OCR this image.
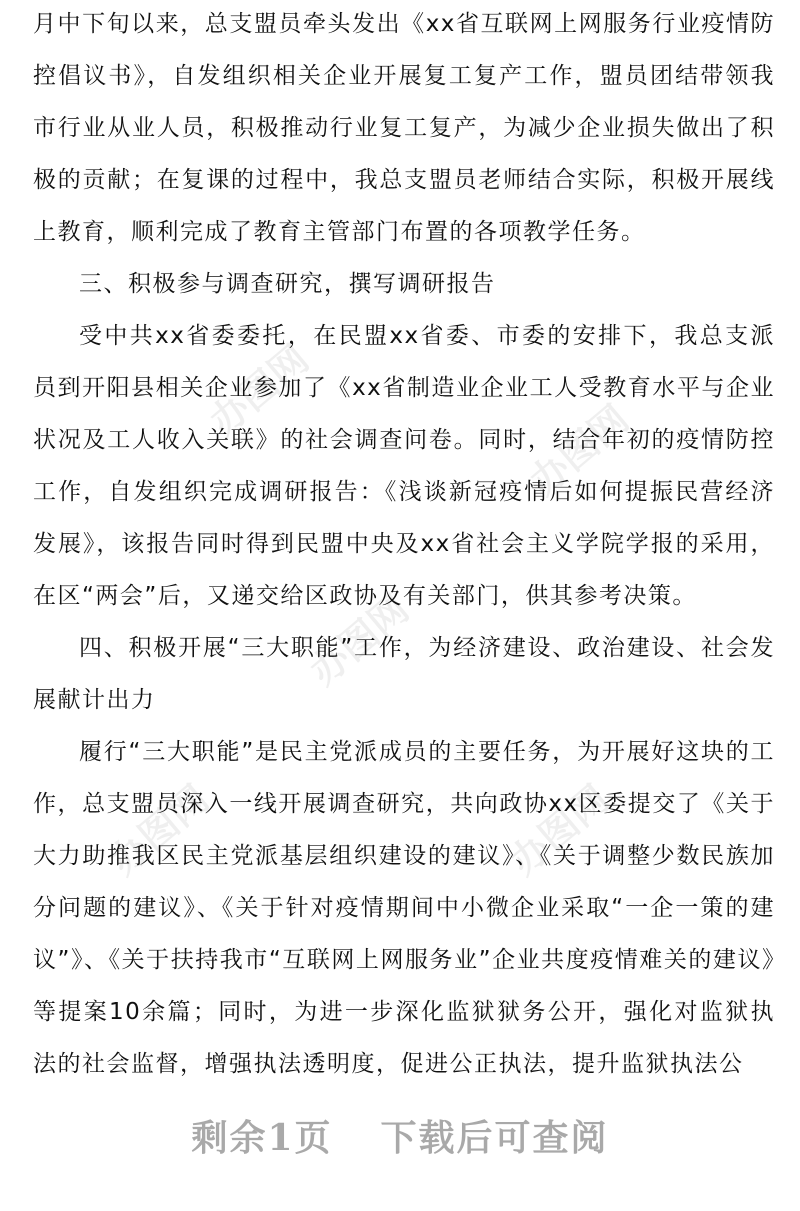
月中下旬以来，总支盟员牵头发出《xx省互联网上网服务行业疫情防控倡议书》，自发组织相关企业开展复工复产工作，盟员团结带领我市行业从业人员，积极推动行业复工复产，为减少企业损失做出了积极的贡献；在复课的过程中，我总支盟员老师结合实际，积极开展线上教育，顺利完成了教育主管部门布置的各项教学任务。

三、积极参与调查研究，撰写调研报告

受中共xx省委委托，在民盟xx省委、市委的安排下，我总支派员到开阳县相关企业参加了《xx省制造业企业工人受教育水平与企业状况及工人收入关联》的社会调查问卷。同时，结合年初的疫情防控工作，自发组织完成调研报告：《浅谈新冠疫情后如何提振民营经济发展》，该报告同时得到民盟中央及xx省社会主义学院学报的采用，在区“两会”后，又递交给区政协及有关部门，供其参考决策。

四、积极开展“三大职能”工作，为经济建设、政治建设、社会发展献计出力

履行“三大职能”是民主党派成员的主要任务，为开展好这块的工作，总支盟员深入一线开展调查研究，共向政协xx区委提交了《关于大力助推我区民主党派基层组织建设的建议》、《关于调整少数民族加分问题的建议》、《关于针对疫情期间中小微企业采取“一企一策的建议”》、《关于扶持我市“互联网上网服务业”企业共度疫情难关的建议》等提案10余篇；同时，为进一步深化监狱狱务公开，强化对监狱执法的社会监督，增强执法透明度，促进公正执法，提升监狱执法公

办图网
办图网
办图网
办图网	办图网
剩余1页 下载后可查阅
